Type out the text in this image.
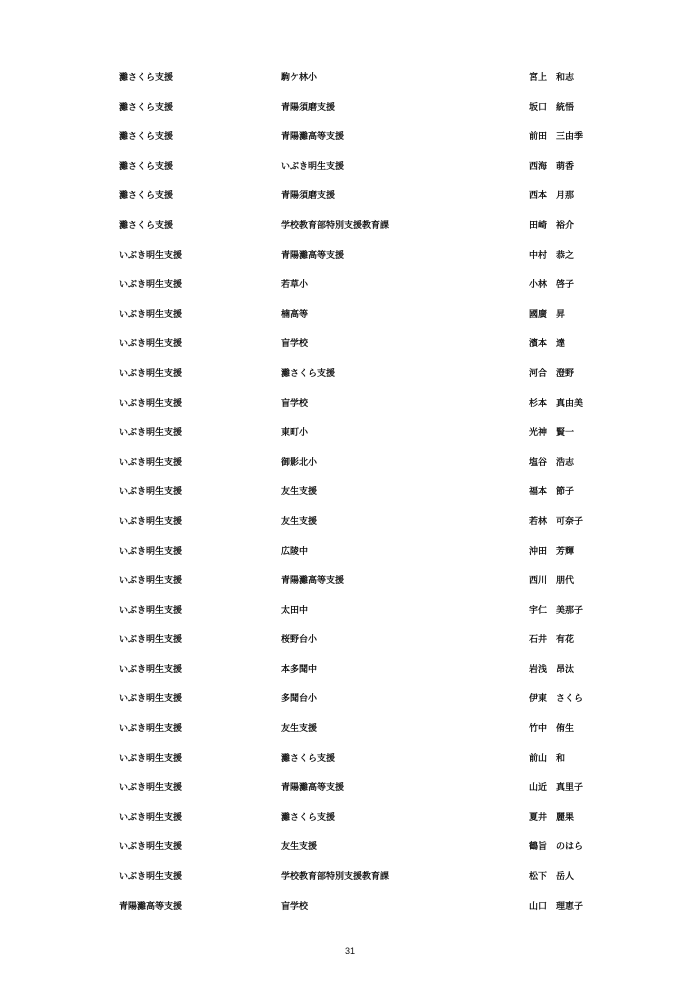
灘さくら支援	駒ケ林小	宮上 和志
灘さくら支援	青陽須磨支援	坂口 統悟
灘さくら支援	青陽灘高等支援	前田 三由季
灘さくら支援	いぶき明生支援	西海 萌香
灘さくら支援	青陽須磨支援	西本 月那
灘さくら支援	学校教育部特別支援教育課	田崎 裕介
いぶき明生支援	青陽灘高等支援	中村 恭之
いぶき明生支援	若草小	小林 啓子
いぶき明生支援	楠高等	國廣 昇
いぶき明生支援	盲学校	濱本 達
いぶき明生支援	灘さくら支援	河合 澄野
いぶき明生支援	盲学校	杉本 真由美
いぶき明生支援	東町小	光神 賢一
いぶき明生支援	御影北小	塩谷 浩志
いぶき明生支援	友生支援	福本 節子
いぶき明生支援	友生支援	若林 可奈子
いぶき明生支援	広陵中	沖田 芳輝
いぶき明生支援	青陽灘高等支援	西川 朋代
いぶき明生支援	太田中	宇仁 美那子
いぶき明生支援	桜野台小	石井 有花
いぶき明生支援	本多聞中	岩浅 昂汰
いぶき明生支援	多聞台小	伊東 さくら
いぶき明生支援	友生支援	竹中 侑生
いぶき明生支援	灘さくら支援	前山 和
いぶき明生支援	青陽灘高等支援	山近 真里子
いぶき明生支援	灘さくら支援	夏井 麗果
いぶき明生支援	友生支援	鶴旨 のはら
いぶき明生支援	学校教育部特別支援教育課	松下 岳人
青陽灘高等支援	盲学校	山口 理恵子
31
